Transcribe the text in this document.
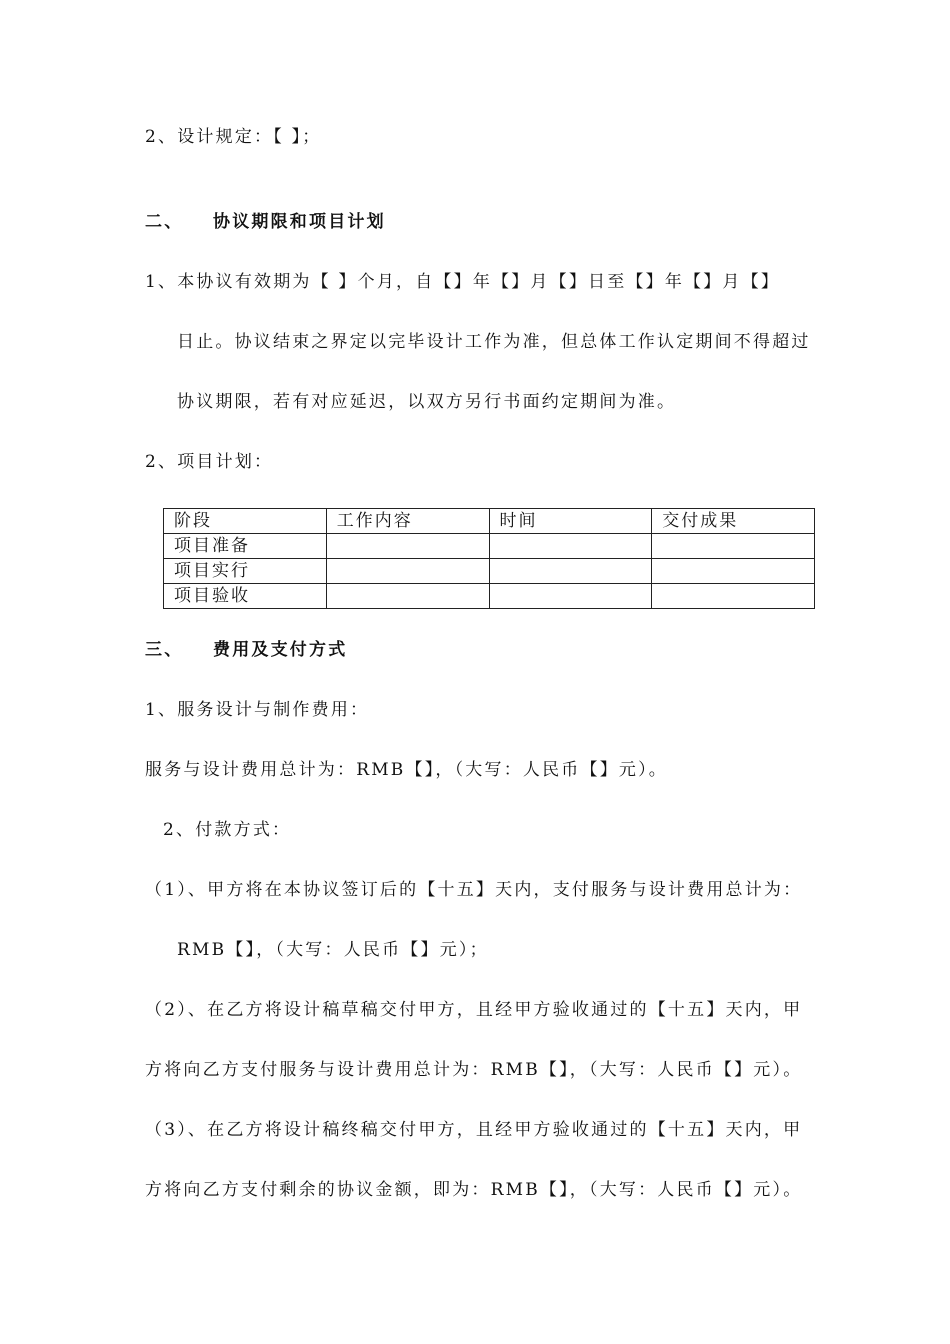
2、设计规定：【 】；
二、 协议期限和项目计划
1、本协议有效期为【 】个月，自【】年【】月【】日至【】年【】月【】
日止。协议结束之界定以完毕设计工作为准，但总体工作认定期间不得超过
协议期限，若有对应延迟，以双方另行书面约定期间为准。
2、项目计划：
阶段	工作内容	时间	交付成果
项目准备			
项目实行			
项目验收			
三、 费用及支付方式
1、服务设计与制作费用：
服务与设计费用总计为：RMB【】，（大写：人民币【】元）。
2、付款方式：
（1）、甲方将在本协议签订后的【十五】天内，支付服务与设计费用总计为：
RMB【】，（大写：人民币【】元）；
（2）、在乙方将设计稿草稿交付甲方，且经甲方验收通过的【十五】天内，甲
方将向乙方支付服务与设计费用总计为：RMB【】，（大写：人民币【】元）。
（3）、在乙方将设计稿终稿交付甲方，且经甲方验收通过的【十五】天内，甲
方将向乙方支付剩余的协议金额，即为：RMB【】，（大写：人民币【】元）。
